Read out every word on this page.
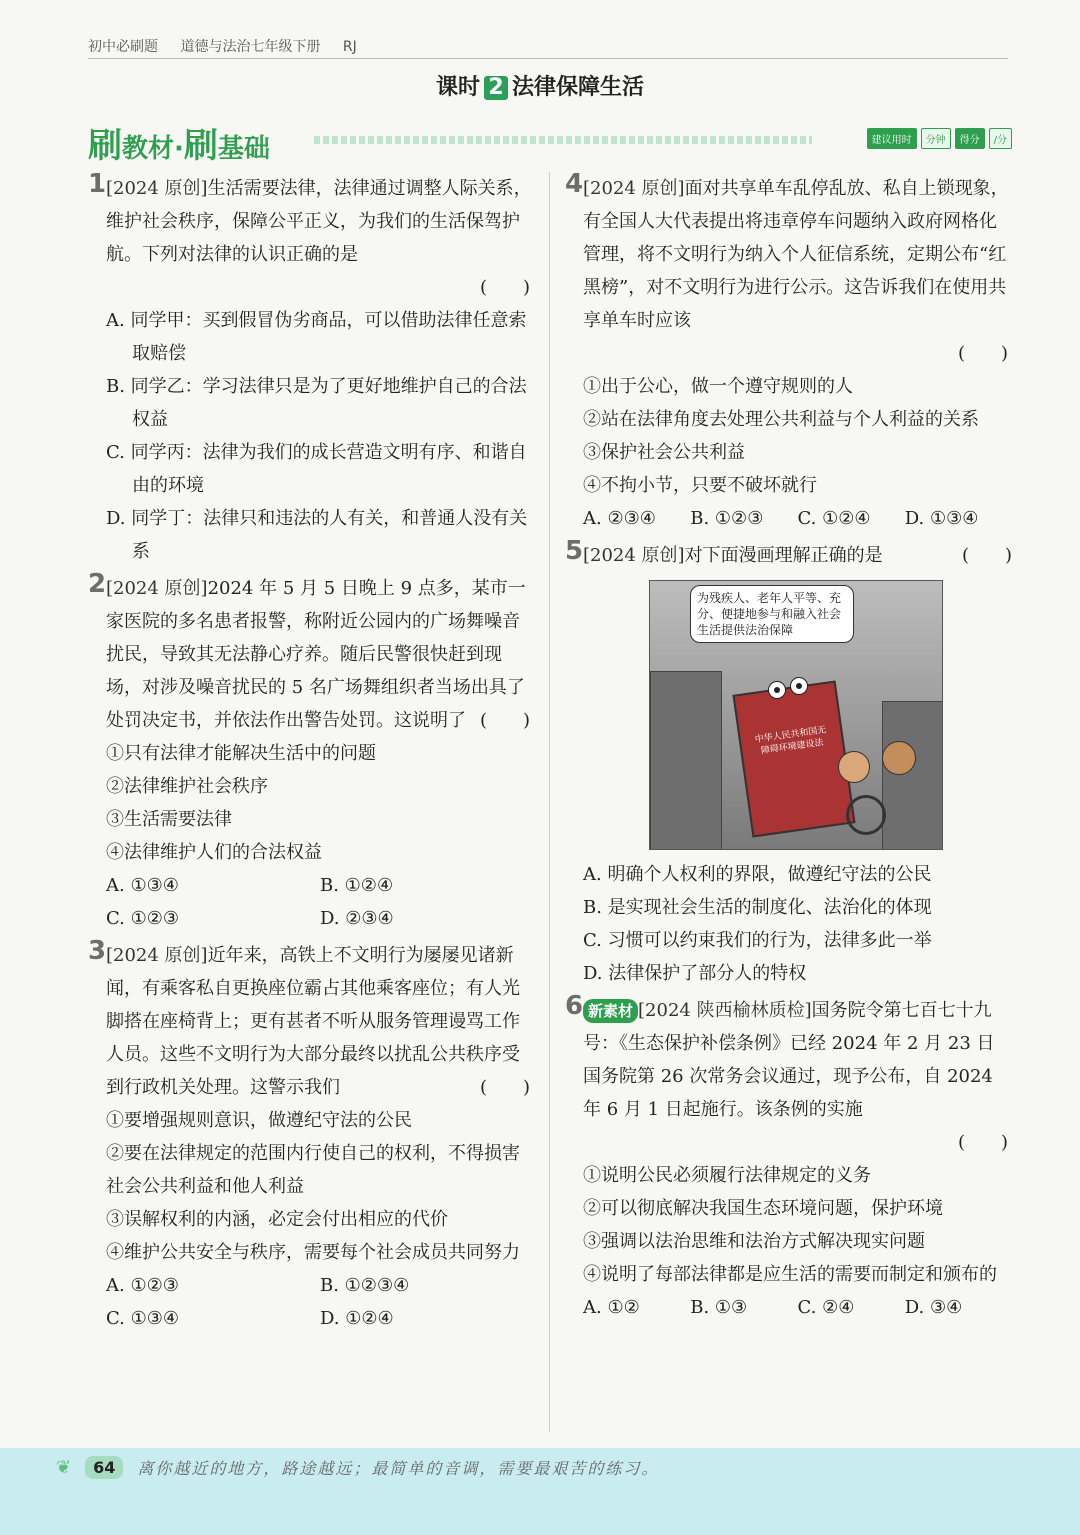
初中必刷题 道德与法治七年级下册 RJ
课时 2 法律保障生活
刷教材·刷基础	建议用时	分钟	得分	/分
1 [2024 原创]生活需要法律，法律通过调整人际关系，维护社会秩序，保障公平正义，为我们的生活保驾护航。下列对法律的认识正确的是
(　　)
A. 同学甲：买到假冒伪劣商品，可以借助法律任意索取赔偿
B. 同学乙：学习法律只是为了更好地维护自己的合法权益
C. 同学丙：法律为我们的成长营造文明有序、和谐自由的环境
D. 同学丁：法律只和违法的人有关，和普通人没有关系
2 [2024 原创]2024 年 5 月 5 日晚上 9 点多，某市一家医院的多名患者报警，称附近公园内的广场舞噪音扰民，导致其无法静心疗养。随后民警很快赶到现场，对涉及噪音扰民的 5 名广场舞组织者当场出具了处罚决定书，并依法作出警告处罚。这说明了 (　　)
①只有法律才能解决生活中的问题
②法律维护社会秩序
③生活需要法律
④法律维护人们的合法权益
A. ①③④	B. ①②④
C. ①②③	D. ②③④
3 [2024 原创]近年来，高铁上不文明行为屡屡见诸新闻，有乘客私自更换座位霸占其他乘客座位；有人光脚搭在座椅背上；更有甚者不听从服务管理谩骂工作人员。这些不文明行为大部分最终以扰乱公共秩序受到行政机关处理。这警示我们	(　　)
①要增强规则意识，做遵纪守法的公民
②要在法律规定的范围内行使自己的权利，不得损害社会公共利益和他人利益
③误解权利的内涵，必定会付出相应的代价
④维护公共安全与秩序，需要每个社会成员共同努力
A. ①②③	B. ①②③④
C. ①③④	D. ①②④
4 [2024 原创]面对共享单车乱停乱放、私自上锁现象，有全国人大代表提出将违章停车问题纳入政府网格化管理，将不文明行为纳入个人征信系统，定期公布“红黑榜”，对不文明行为进行公示。这告诉我们在使用共享单车时应该
(　　)
①出于公心，做一个遵守规则的人
②站在法律角度去处理公共利益与个人利益的关系
③保护社会公共利益
④不拘小节，只要不破坏就行
A. ②③④	B. ①②③	C. ①②④	D. ①③④
5 [2024 原创]对下面漫画理解正确的是	(　　)
为残疾人、老年人平等、充分、便捷地参与和融入社会生活提供法治保障
中华人民共和国无障碍环境建设法
A. 明确个人权利的界限，做遵纪守法的公民
B. 是实现社会生活的制度化、法治化的体现
C. 习惯可以约束我们的行为，法律多此一举
D. 法律保护了部分人的特权
6 新素材 [2024 陕西榆林质检]国务院令第七百七十九号：《生态保护补偿条例》已经 2024 年 2 月 23 日国务院第 26 次常务会议通过，现予公布，自 2024 年 6 月 1 日起施行。该条例的实施
(　　)
①说明公民必须履行法律规定的义务
②可以彻底解决我国生态环境问题，保护环境
③强调以法治思维和法治方式解决现实问题
④说明了每部法律都是应生活的需要而制定和颁布的
A. ①②	B. ①③	C. ②④	D. ③④
❦	64	离你越近的地方，路途越远；最简单的音调，需要最艰苦的练习。
